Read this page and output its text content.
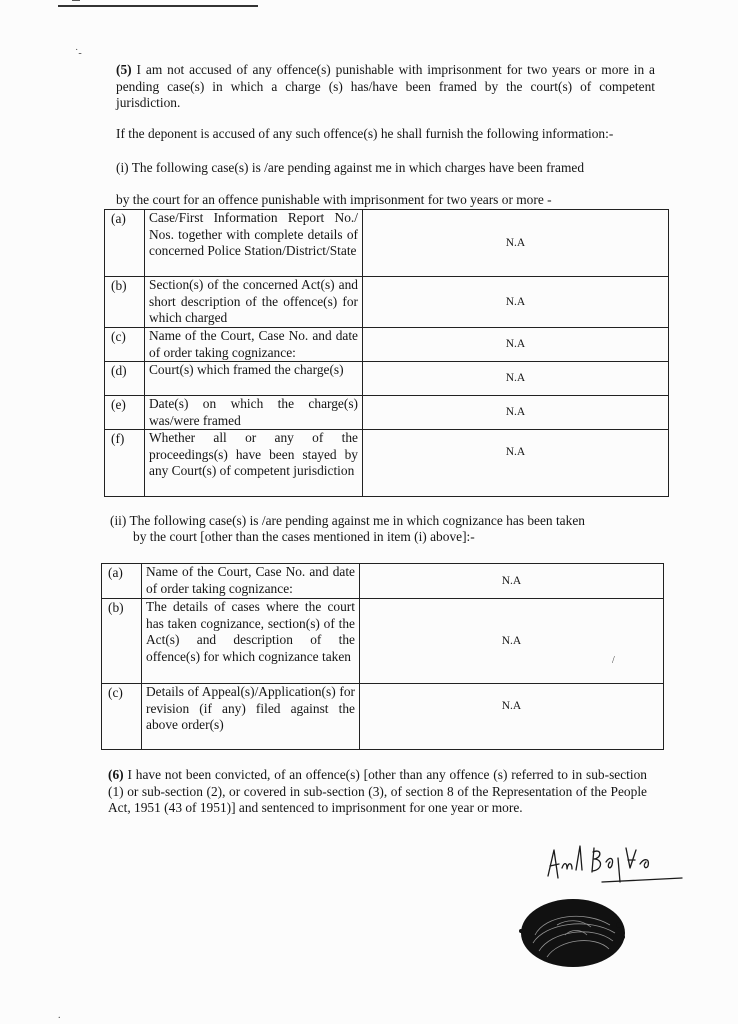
˙-

(5) I am not accused of any offence(s) punishable with imprisonment for two years or more in a pending case(s) in which a charge (s) has/have been framed by the court(s) of competent jurisdiction.

If the deponent is accused of any such offence(s) he shall furnish the following information:-

(i) The following case(s) is /are pending against me in which charges have been framed

by the court for an offence punishable with imprisonment for two years or more -

(a)	Case/First Information Report No./ Nos. together with complete details of concerned Police Station/District/State	N.A
(b)	Section(s) of the concerned Act(s) and short description of the offence(s) for which charged	N.A
(c)	Name of the Court, Case No. and date of order taking cognizance:	N.A
(d)	Court(s) which framed the charge(s)	N.A
(e)	Date(s) on which the charge(s) was/were framed	N.A
(f)	Whether all or any of the proceedings(s) have been stayed by any Court(s) of competent jurisdiction	N.A

(ii) The following case(s) is /are pending against me in which cognizance has been taken

by the court [other than the cases mentioned in item (i) above]:-

(a)	Name of the Court, Case No. and date of order taking cognizance:	N.A
(b)	The details of cases where the court has taken cognizance, section(s) of the Act(s) and description of the offence(s) for which cognizance taken	N.A
(c)	Details of Appeal(s)/Application(s) for revision (if any) filed against the above order(s)	N.A

(6) I have not been convicted, of an offence(s) [other than any offence (s) referred to in sub-section (1) or sub-section (2), or covered in sub-section (3), of section 8 of the Representation of the People Act, 1951 (43 of 1951)] and sentenced to imprisonment for one year or more.

/
.
